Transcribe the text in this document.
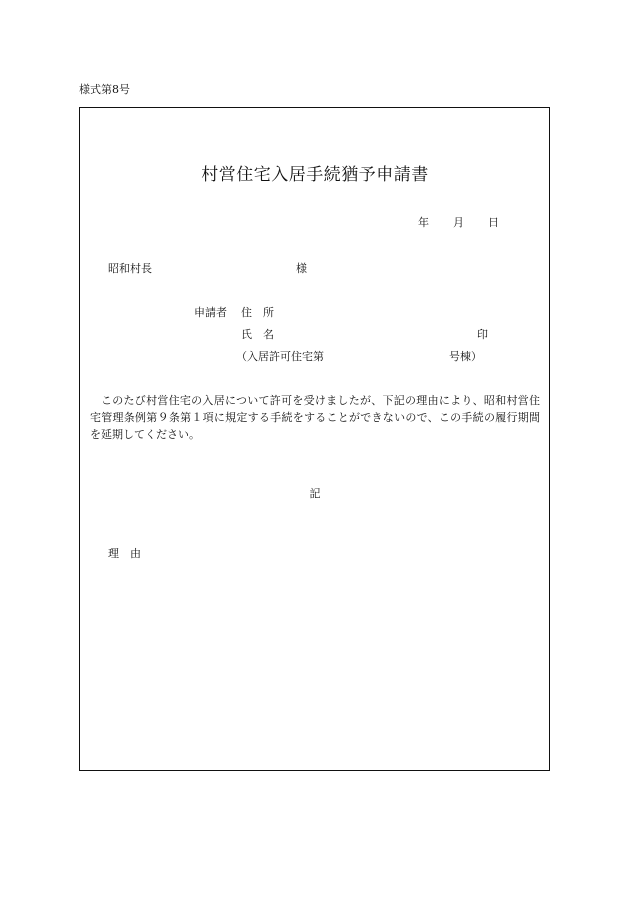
様式第8号
村営住宅入居手続猶予申請書
年 月 日
昭和村長	様
申請者 住　所
氏　名	印
（入居許可住宅第	号棟）
このたび村営住宅の入居について許可を受けましたが、下記の理由により、昭和村営住宅管理条例第９条第１項に規定する手続をすることができないので、この手続の履行期間を延期してください。
記
理　由
